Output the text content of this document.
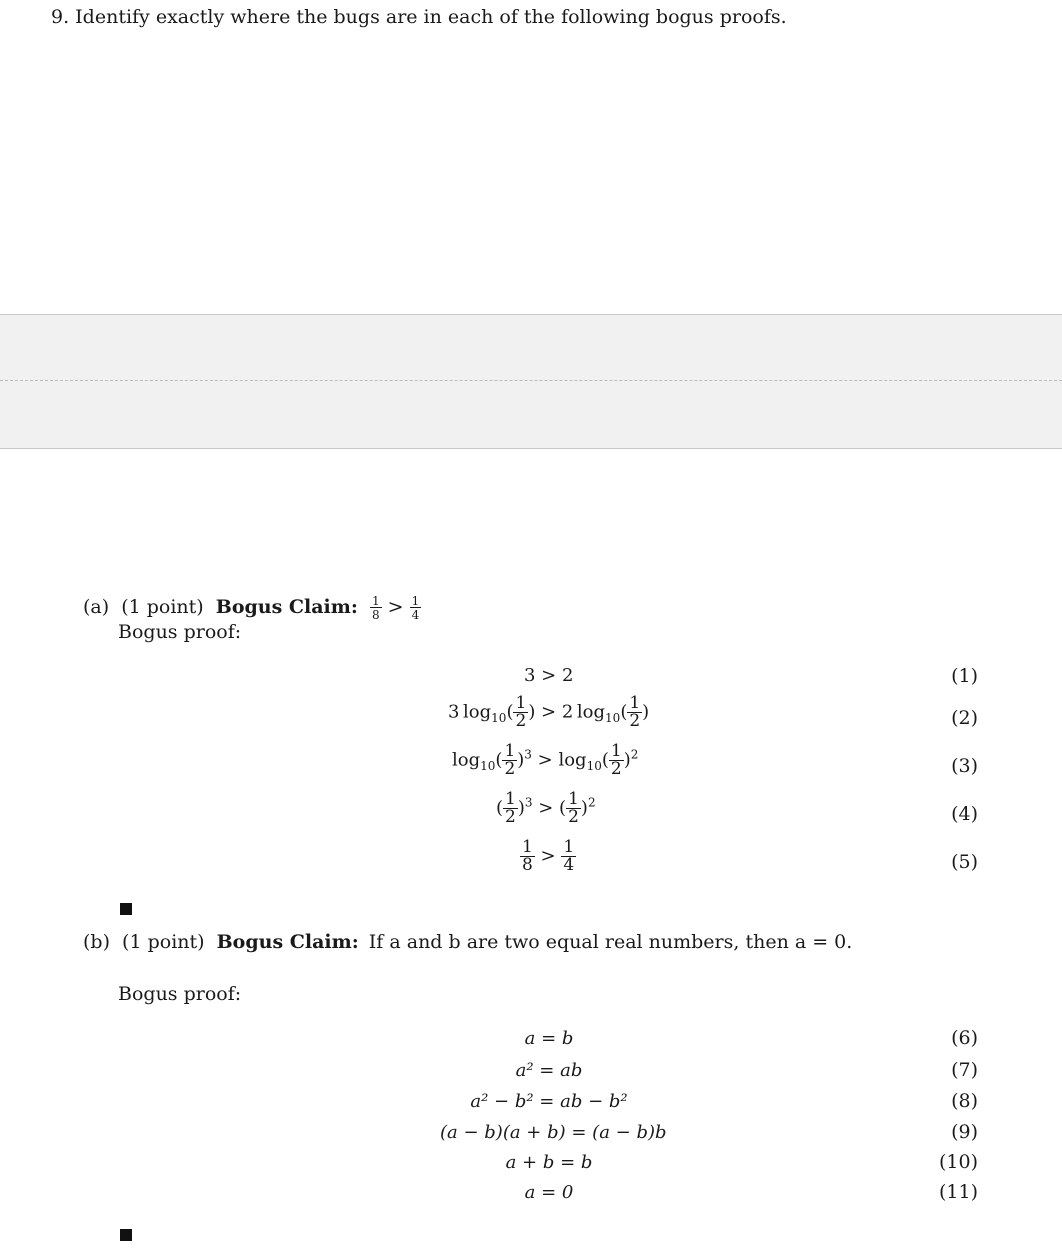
9. Identify exactly where the bugs are in each of the following bogus proofs.
(a) (1 point) Bogus Claim: $\frac{1}{8} > \frac{1}{4}$
Bogus proof:
3 > 2
3 $\log_{10}( \frac{1}{2}$ ) > 2 $\log_{10}( \frac{1}{2}$ )
$\log_{10}( \frac{1}{2} )^3 > \log_{10}( \frac{1}{2} )^2$
( $\frac{1}{2} )^3$ > ( $\frac{1}{2} )^2$
$\frac{1}{8} > \frac{1}{4}$
(1)
(2)
(3)
(4)
(5)
(b) (1 point) Bogus Claim: If a and b are two equal real numbers, then a = 0.
Bogus proof:
a = b
a² = ab
a² − b² = ab − b²
(a − b)(a + b) = (a − b)b
a + b = b
a = 0
(6)
(7)
(8)
(9)
(10)
(11)
